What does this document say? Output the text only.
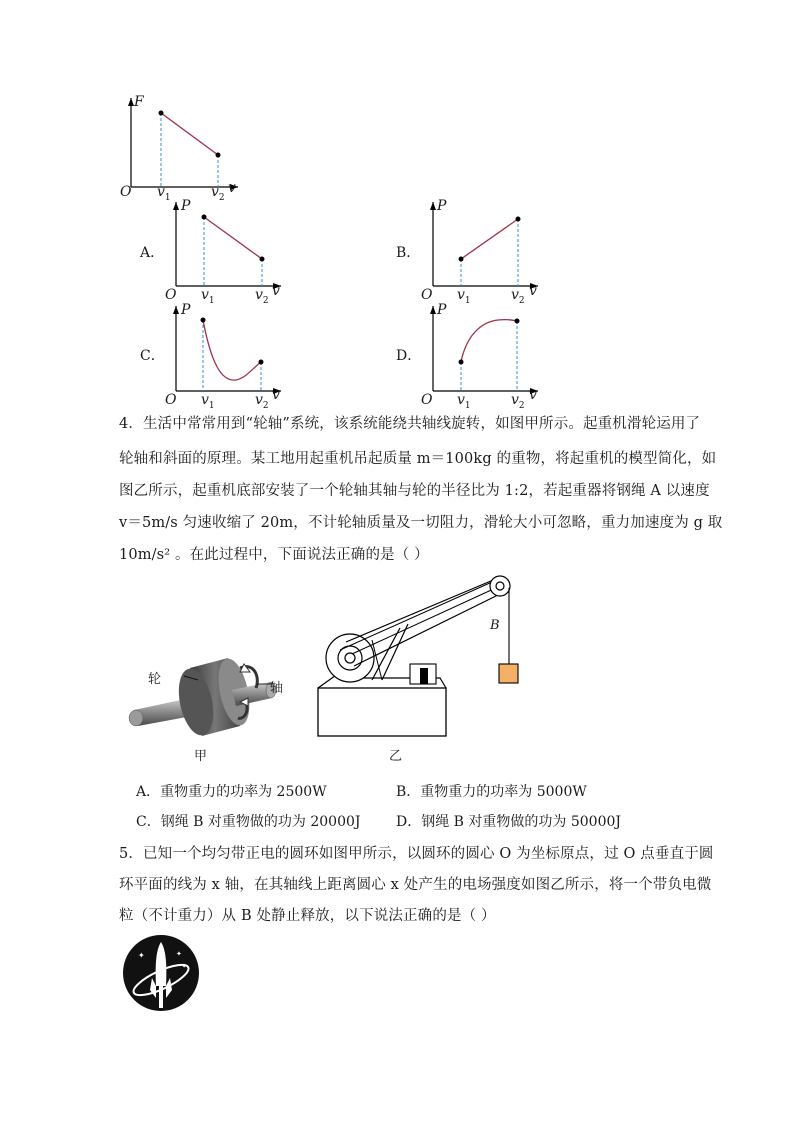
F
O	v
$v_1$	$v_2$
A．
P
O	v
$v_1$	$v_2$
B．
P
O	v
$v_1$	$v_2$
C．
P
O	v
$v_1$	$v_2$
D．
P
O	v
$v_1$	$v_2$
4．生活中常常用到“轮轴”系统，该系统能绕共轴线旋转，如图甲所示。起重机滑轮运用了
轮轴和斜面的原理。某工地用起重机吊起质量 m＝100kg 的重物，将起重机的模型简化，如
图乙所示，起重机底部安装了一个轮轴其轴与轮的半径比为 1:2，若起重器将钢绳 A 以速度
v＝5m/s 匀速收缩了 20m，不计轮轴质量及一切阻力，滑轮大小可忽略，重力加速度为 g 取
10m/s² 。在此过程中，下面说法正确的是（ ）
轮
轴
甲
B
乙
A．重物重力的功率为 2500W	B．重物重力的功率为 5000W
C．钢绳 B 对重物做的功为 20000J	D．钢绳 B 对重物做的功为 50000J
5．已知一个均匀带正电的圆环如图甲所示，以圆环的圆心 O 为坐标原点，过 O 点垂直于圆
环平面的线为 x 轴，在其轴线上距离圆心 x 处产生的电场强度如图乙所示，将一个带负电微
粒（不计重力）从 B 处静止释放，以下说法正确的是（ ）
✦	✦
✦
